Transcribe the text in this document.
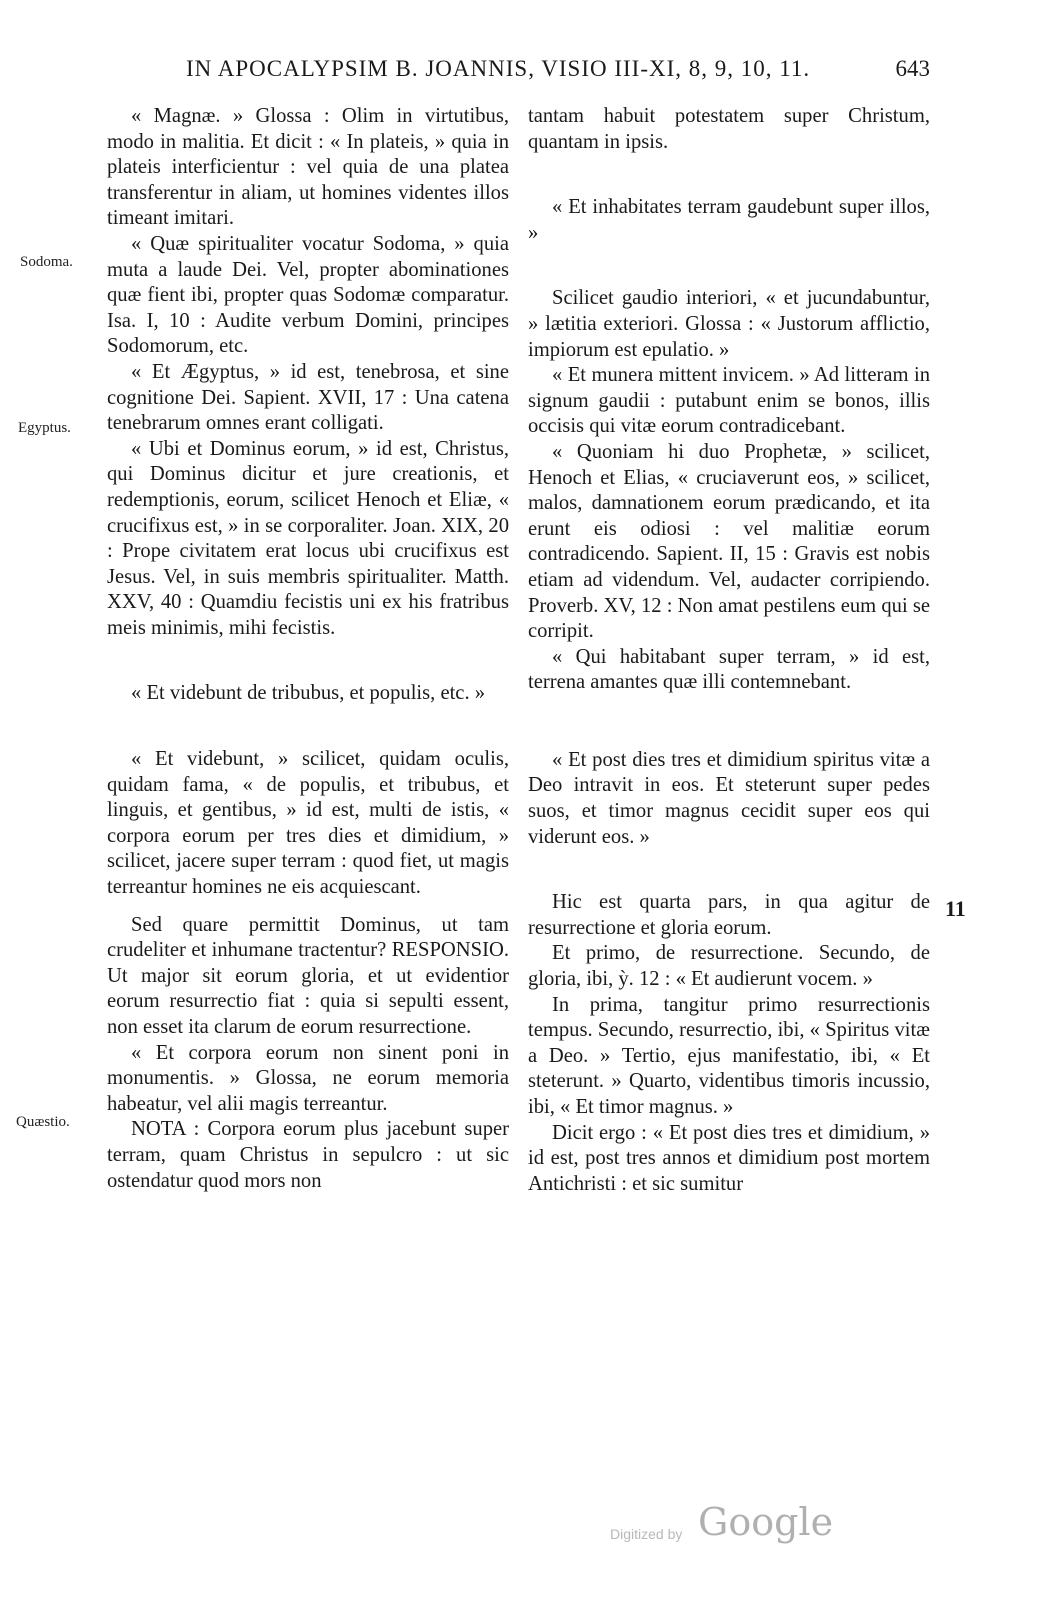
IN APOCALYPSIM B. JOANNIS, VISIO III-XI, 8, 9, 10, 11.	643
Sodoma.
Egyptus.
Quæstio.
11

« Magnæ. » Glossa : Olim in virtutibus, modo in malitia. Et dicit : « In plateis, » quia in plateis interficientur : vel quia de una platea transferentur in aliam, ut homines videntes illos timeant imitari.

« Quæ spiritualiter vocatur Sodoma, » quia muta a laude Dei. Vel, propter abominationes quæ fient ibi, propter quas Sodomæ comparatur. Isa. I, 10 : Audite verbum Domini, principes Sodomorum, etc.

« Et Ægyptus, » id est, tenebrosa, et sine cognitione Dei. Sapient. XVII, 17 : Una catena tenebrarum omnes erant colligati.

« Ubi et Dominus eorum, » id est, Christus, qui Dominus dicitur et jure creationis, et redemptionis, eorum, scilicet Henoch et Eliæ, « crucifixus est, » in se corporaliter. Joan. XIX, 20 : Prope civitatem erat locus ubi crucifixus est Jesus. Vel, in suis membris spiritualiter. Matth. XXV, 40 : Quamdiu fecistis uni ex his fratribus meis minimis, mihi fecistis.

« Et videbunt de tribubus, et populis, etc. »

« Et videbunt, » scilicet, quidam oculis, quidam fama, « de populis, et tribubus, et linguis, et gentibus, » id est, multi de istis, « corpora eorum per tres dies et dimidium, » scilicet, jacere super terram : quod fiet, ut magis terreantur homines ne eis acquiescant.

Sed quare permittit Dominus, ut tam crudeliter et inhumane tractentur? RESPONSIO. Ut major sit eorum gloria, et ut evidentior eorum resurrectio fiat : quia si sepulti essent, non esset ita clarum de eorum resurrectione.

« Et corpora eorum non sinent poni in monumentis. » Glossa, ne eorum memoria habeatur, vel alii magis terreantur.

NOTA : Corpora eorum plus jacebunt super terram, quam Christus in sepulcro : ut sic ostendatur quod mors non

tantam habuit potestatem super Christum, quantam in ipsis.

« Et inhabitates terram gaudebunt super illos, »

Scilicet gaudio interiori, « et jucundabuntur, » lætitia exteriori. Glossa : « Justorum afflictio, impiorum est epulatio. »

« Et munera mittent invicem. » Ad litteram in signum gaudii : putabunt enim se bonos, illis occisis qui vitæ eorum contradicebant.

« Quoniam hi duo Prophetæ, » scilicet, Henoch et Elias, « cruciaverunt eos, » scilicet, malos, damnationem eorum prædicando, et ita erunt eis odiosi : vel malitiæ eorum contradicendo. Sapient. II, 15 : Gravis est nobis etiam ad videndum. Vel, audacter corripiendo. Proverb. XV, 12 : Non amat pestilens eum qui se corripit.

« Qui habitabant super terram, » id est, terrena amantes quæ illi contemnebant.

« Et post dies tres et dimidium spiritus vitæ a Deo intravit in eos. Et steterunt super pedes suos, et timor magnus cecidit super eos qui viderunt eos. »

Hic est quarta pars, in qua agitur de resurrectione et gloria eorum.

Et primo, de resurrectione. Secundo, de gloria, ibi, ỳ. 12 : « Et audierunt vocem. »

In prima, tangitur primo resurrectionis tempus. Secundo, resurrectio, ibi, « Spiritus vitæ a Deo. » Tertio, ejus manifestatio, ibi, « Et steterunt. » Quarto, videntibus timoris incussio, ibi, « Et timor magnus. »

Dicit ergo : « Et post dies tres et dimidium, » id est, post tres annos et dimidium post mortem Antichristi : et sic sumitur

Digitized by Google
